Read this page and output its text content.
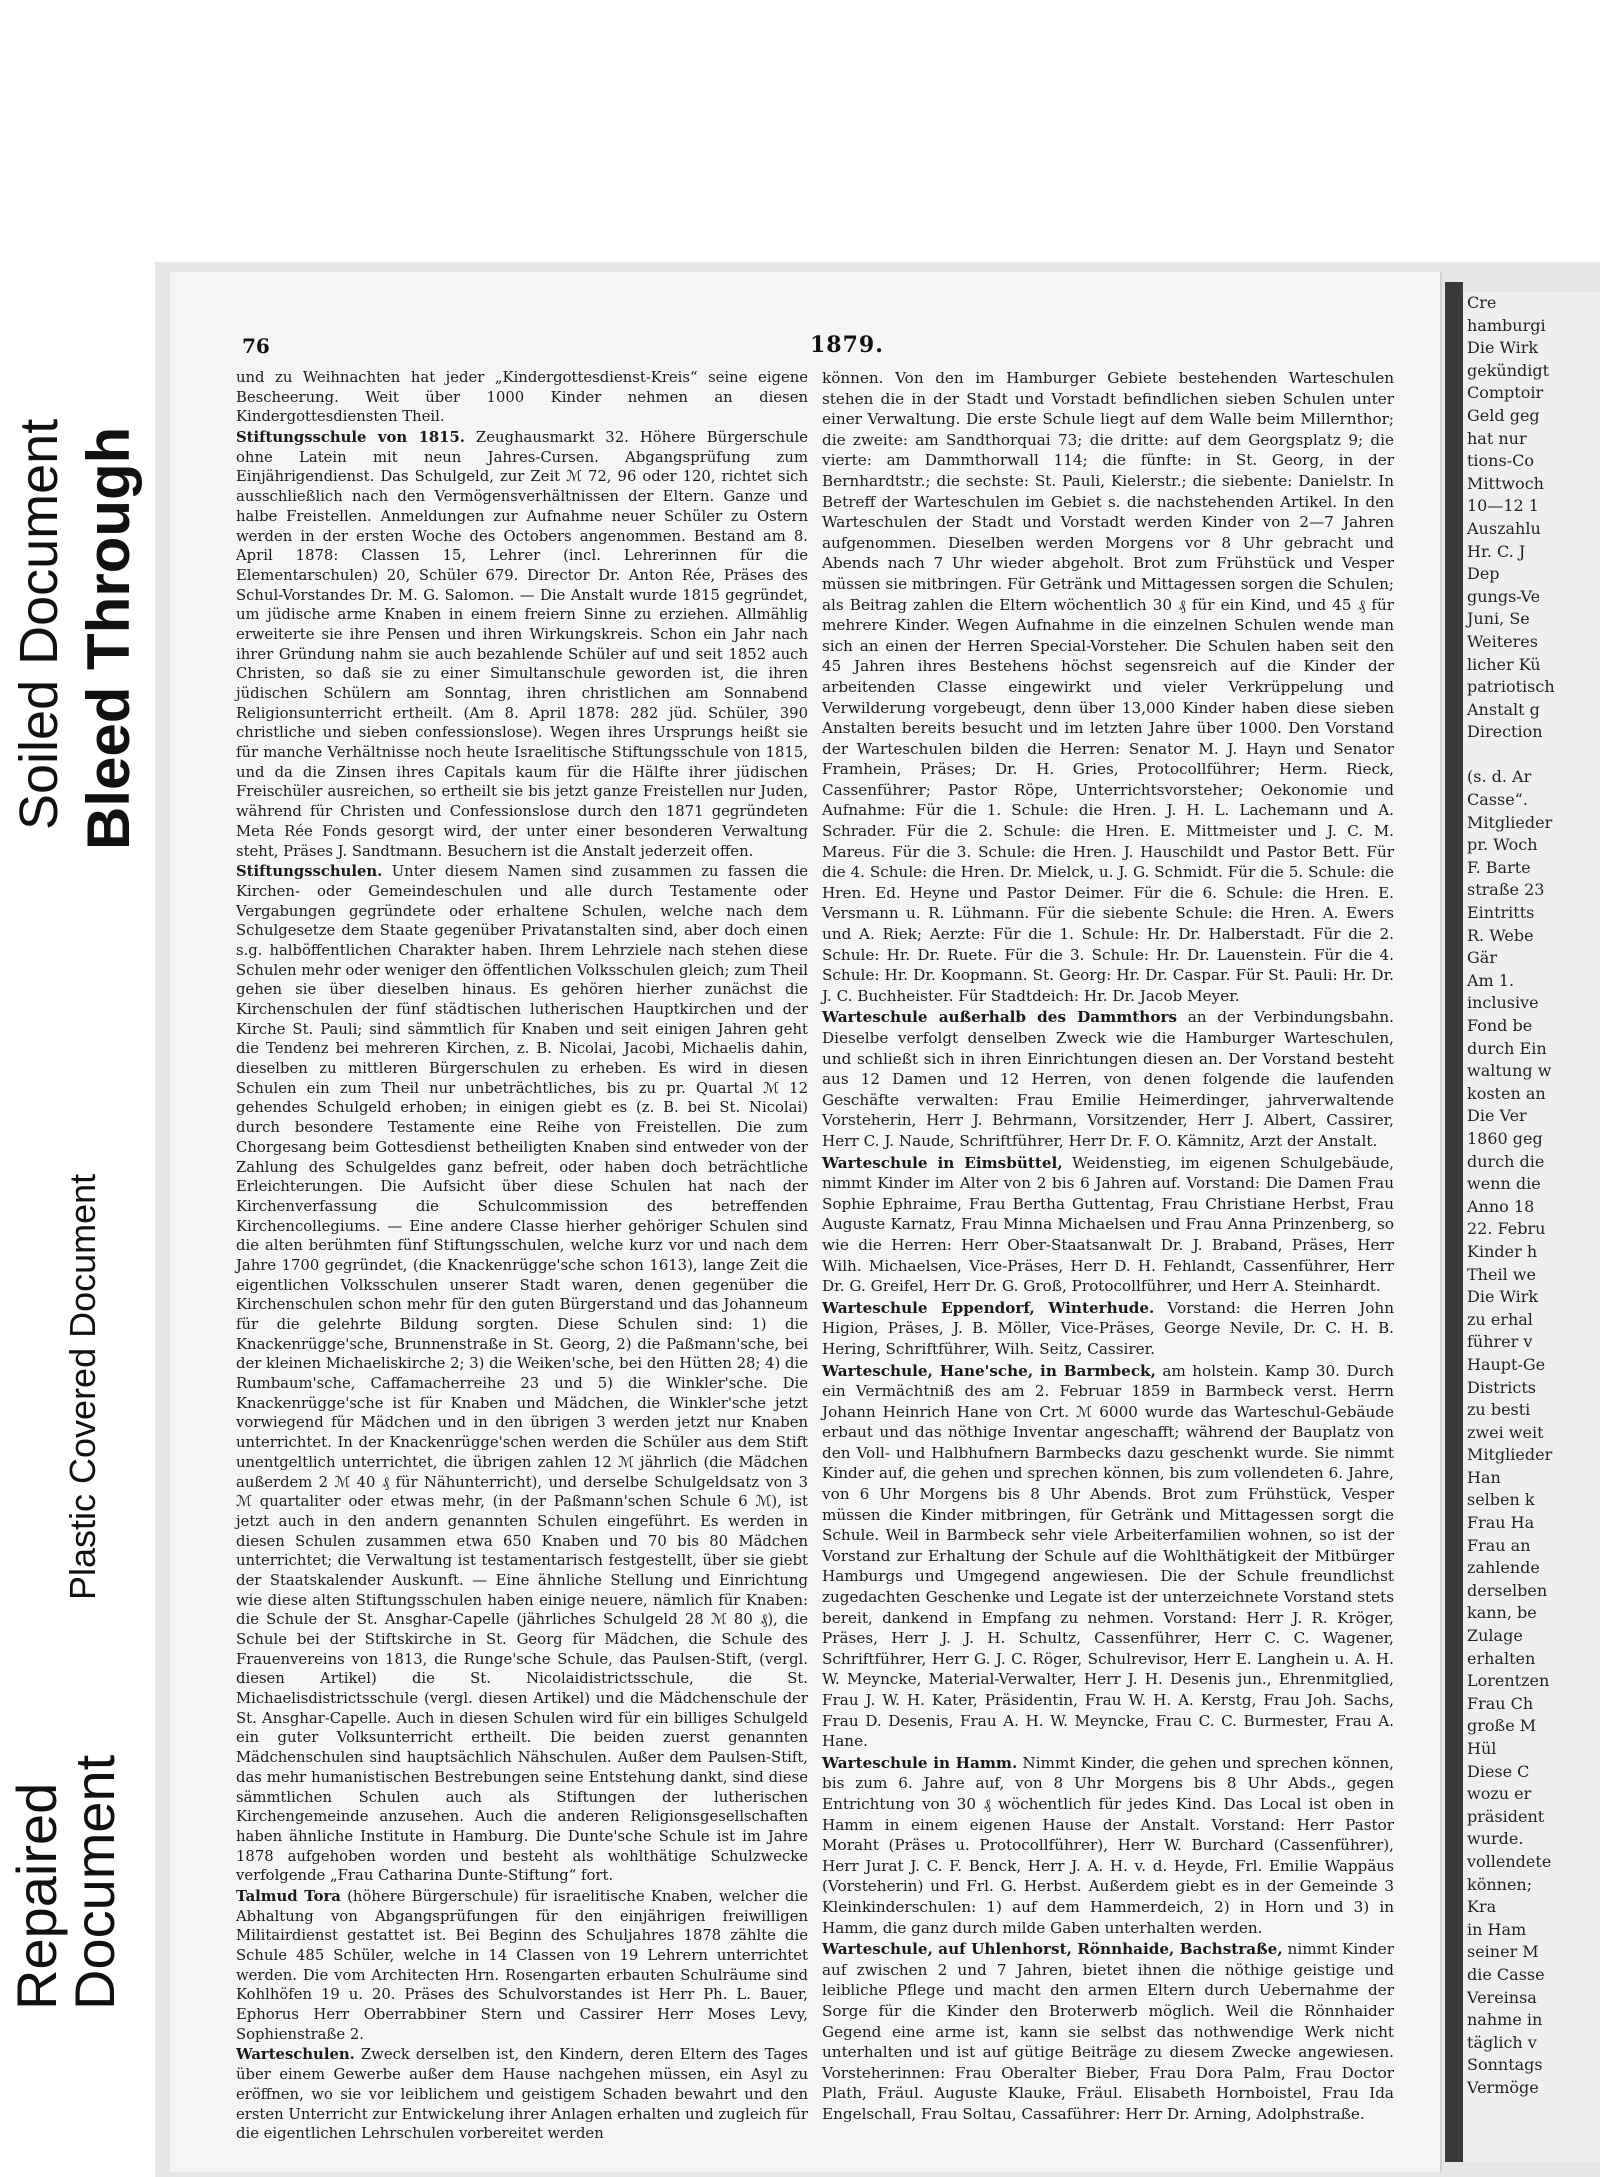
Soiled Document Bleed Through
Plastic Covered Document
Repaired
Document
76	1879.

und zu Weihnachten hat jeder „Kindergottesdienst-Kreis“ seine eigene Bescheerung. Weit über 1000 Kinder nehmen an diesen Kindergottesdiensten Theil.

Stiftungsschule von 1815. Zeughausmarkt 32. Höhere Bürgerschule ohne Latein mit neun Jahres-Cursen. Abgangsprüfung zum Einjährigendienst. Das Schulgeld, zur Zeit ℳ 72, 96 oder 120, richtet sich ausschließlich nach den Vermögensverhältnissen der Eltern. Ganze und halbe Freistellen. Anmeldungen zur Aufnahme neuer Schüler zu Ostern werden in der ersten Woche des Octobers angenommen. Bestand am 8. April 1878: Classen 15, Lehrer (incl. Lehrerinnen für die Elementarschulen) 20, Schüler 679. Director Dr. Anton Rée, Präses des Schul-Vorstandes Dr. M. G. Salomon. — Die Anstalt wurde 1815 gegründet, um jüdische arme Knaben in einem freiern Sinne zu erziehen. Allmählig erweiterte sie ihre Pensen und ihren Wirkungskreis. Schon ein Jahr nach ihrer Gründung nahm sie auch bezahlende Schüler auf und seit 1852 auch Christen, so daß sie zu einer Simultanschule geworden ist, die ihren jüdischen Schülern am Sonntag, ihren christlichen am Sonnabend Religionsunterricht ertheilt. (Am 8. April 1878: 282 jüd. Schüler, 390 christliche und sieben confessionslose). Wegen ihres Ursprungs heißt sie für manche Verhältnisse noch heute Israelitische Stiftungsschule von 1815, und da die Zinsen ihres Capitals kaum für die Hälfte ihrer jüdischen Freischüler ausreichen, so ertheilt sie bis jetzt ganze Freistellen nur Juden, während für Christen und Confessionslose durch den 1871 gegründeten Meta Rée Fonds gesorgt wird, der unter einer besonderen Verwaltung steht, Präses J. Sandtmann. Besuchern ist die Anstalt jederzeit offen.

Stiftungsschulen. Unter diesem Namen sind zusammen zu fassen die Kirchen- oder Gemeindeschulen und alle durch Testamente oder Vergabungen gegründete oder erhaltene Schulen, welche nach dem Schulgesetze dem Staate gegenüber Privatanstalten sind, aber doch einen s.g. halböffentlichen Charakter haben. Ihrem Lehrziele nach stehen diese Schulen mehr oder weniger den öffentlichen Volksschulen gleich; zum Theil gehen sie über dieselben hinaus. Es gehören hierher zunächst die Kirchenschulen der fünf städtischen lutherischen Hauptkirchen und der Kirche St. Pauli; sind sämmtlich für Knaben und seit einigen Jahren geht die Tendenz bei mehreren Kirchen, z. B. Nicolai, Jacobi, Michaelis dahin, dieselben zu mittleren Bürgerschulen zu erheben. Es wird in diesen Schulen ein zum Theil nur unbeträchtliches, bis zu pr. Quartal ℳ 12 gehendes Schulgeld erhoben; in einigen giebt es (z. B. bei St. Nicolai) durch besondere Testamente eine Reihe von Freistellen. Die zum Chorgesang beim Gottesdienst betheiligten Knaben sind entweder von der Zahlung des Schulgeldes ganz befreit, oder haben doch beträchtliche Erleichterungen. Die Aufsicht über diese Schulen hat nach der Kirchenverfassung die Schulcommission des betreffenden Kirchencollegiums. — Eine andere Classe hierher gehöriger Schulen sind die alten berühmten fünf Stiftungsschulen, welche kurz vor und nach dem Jahre 1700 gegründet, (die Knackenrügge'sche schon 1613), lange Zeit die eigentlichen Volksschulen unserer Stadt waren, denen gegenüber die Kirchenschulen schon mehr für den guten Bürgerstand und das Johanneum für die gelehrte Bildung sorgten. Diese Schulen sind: 1) die Knackenrügge'sche, Brunnenstraße in St. Georg, 2) die Paßmann'sche, bei der kleinen Michaeliskirche 2; 3) die Weiken'sche, bei den Hütten 28; 4) die Rumbaum'sche, Caffamacherreihe 23 und 5) die Winkler'sche. Die Knackenrügge'sche ist für Knaben und Mädchen, die Winkler'sche jetzt vorwiegend für Mädchen und in den übrigen 3 werden jetzt nur Knaben unterrichtet. In der Knackenrügge'schen werden die Schüler aus dem Stift unentgeltlich unterrichtet, die übrigen zahlen 12 ℳ jährlich (die Mädchen außerdem 2 ℳ 40 ₰ für Nähunterricht), und derselbe Schulgeldsatz von 3 ℳ quartaliter oder etwas mehr, (in der Paßmann'schen Schule 6 ℳ), ist jetzt auch in den andern genannten Schulen eingeführt. Es werden in diesen Schulen zusammen etwa 650 Knaben und 70 bis 80 Mädchen unterrichtet; die Verwaltung ist testamentarisch festgestellt, über sie giebt der Staatskalender Auskunft. — Eine ähnliche Stellung und Einrichtung wie diese alten Stiftungsschulen haben einige neuere, nämlich für Knaben: die Schule der St. Ansghar-Capelle (jährliches Schulgeld 28 ℳ 80 ₰), die Schule bei der Stiftskirche in St. Georg für Mädchen, die Schule des Frauenvereins von 1813, die Runge'sche Schule, das Paulsen-Stift, (vergl. diesen Artikel) die St. Nicolaidistrictsschule, die St. Michaelisdistrictsschule (vergl. diesen Artikel) und die Mädchenschule der St. Ansghar-Capelle. Auch in diesen Schulen wird für ein billiges Schulgeld ein guter Volksunterricht ertheilt. Die beiden zuerst genannten Mädchenschulen sind hauptsächlich Nähschulen. Außer dem Paulsen-Stift, das mehr humanistischen Bestrebungen seine Entstehung dankt, sind diese sämmtlichen Schulen auch als Stiftungen der lutherischen Kirchengemeinde anzusehen. Auch die anderen Religionsgesellschaften haben ähnliche Institute in Hamburg. Die Dunte'sche Schule ist im Jahre 1878 aufgehoben worden und besteht als wohlthätige Schulzwecke verfolgende „Frau Catharina Dunte-Stiftung“ fort.

Talmud Tora (höhere Bürgerschule) für israelitische Knaben, welcher die Abhaltung von Abgangsprüfungen für den einjährigen freiwilligen Militairdienst gestattet ist. Bei Beginn des Schuljahres 1878 zählte die Schule 485 Schüler, welche in 14 Classen von 19 Lehrern unterrichtet werden. Die vom Architecten Hrn. Rosengarten erbauten Schulräume sind Kohlhöfen 19 u. 20. Präses des Schulvorstandes ist Herr Ph. L. Bauer, Ephorus Herr Oberrabbiner Stern und Cassirer Herr Moses Levy, Sophienstraße 2.

Warteschulen. Zweck derselben ist, den Kindern, deren Eltern des Tages über einem Gewerbe außer dem Hause nachgehen müssen, ein Asyl zu eröffnen, wo sie vor leiblichem und geistigem Schaden bewahrt und den ersten Unterricht zur Entwickelung ihrer Anlagen erhalten und zugleich für die eigentlichen Lehrschulen vorbereitet werden

können. Von den im Hamburger Gebiete bestehenden Warteschulen stehen die in der Stadt und Vorstadt befindlichen sieben Schulen unter einer Verwaltung. Die erste Schule liegt auf dem Walle beim Millernthor; die zweite: am Sandthorquai 73; die dritte: auf dem Georgsplatz 9; die vierte: am Dammthorwall 114; die fünfte: in St. Georg, in der Bernhardtstr.; die sechste: St. Pauli, Kielerstr.; die siebente: Danielstr. In Betreff der Warteschulen im Gebiet s. die nachstehenden Artikel. In den Warteschulen der Stadt und Vorstadt werden Kinder von 2—7 Jahren aufgenommen. Dieselben werden Morgens vor 8 Uhr gebracht und Abends nach 7 Uhr wieder abgeholt. Brot zum Frühstück und Vesper müssen sie mitbringen. Für Getränk und Mittagessen sorgen die Schulen; als Beitrag zahlen die Eltern wöchentlich 30 ₰ für ein Kind, und 45 ₰ für mehrere Kinder. Wegen Aufnahme in die einzelnen Schulen wende man sich an einen der Herren Special-Vorsteher. Die Schulen haben seit den 45 Jahren ihres Bestehens höchst segensreich auf die Kinder der arbeitenden Classe eingewirkt und vieler Verkrüppelung und Verwilderung vorgebeugt, denn über 13,000 Kinder haben diese sieben Anstalten bereits besucht und im letzten Jahre über 1000. Den Vorstand der Warteschulen bilden die Herren: Senator M. J. Hayn und Senator Framhein, Präses; Dr. H. Gries, Protocollführer; Herm. Rieck, Cassenführer; Pastor Röpe, Unterrichtsvorsteher; Oekonomie und Aufnahme: Für die 1. Schule: die Hren. J. H. L. Lachemann und A. Schrader. Für die 2. Schule: die Hren. E. Mittmeister und J. C. M. Mareus. Für die 3. Schule: die Hren. J. Hauschildt und Pastor Bett. Für die 4. Schule: die Hren. Dr. Mielck, u. J. G. Schmidt. Für die 5. Schule: die Hren. Ed. Heyne und Pastor Deimer. Für die 6. Schule: die Hren. E. Versmann u. R. Lühmann. Für die siebente Schule: die Hren. A. Ewers und A. Riek; Aerzte: Für die 1. Schule: Hr. Dr. Halberstadt. Für die 2. Schule: Hr. Dr. Ruete. Für die 3. Schule: Hr. Dr. Lauenstein. Für die 4. Schule: Hr. Dr. Koopmann. St. Georg: Hr. Dr. Caspar. Für St. Pauli: Hr. Dr. J. C. Buchheister. Für Stadtdeich: Hr. Dr. Jacob Meyer.

Warteschule außerhalb des Dammthors an der Verbindungsbahn. Dieselbe verfolgt denselben Zweck wie die Hamburger Warteschulen, und schließt sich in ihren Einrichtungen diesen an. Der Vorstand besteht aus 12 Damen und 12 Herren, von denen folgende die laufenden Geschäfte verwalten: Frau Emilie Heimerdinger, jahrverwaltende Vorsteherin, Herr J. Behrmann, Vorsitzender, Herr J. Albert, Cassirer, Herr C. J. Naude, Schriftführer, Herr Dr. F. O. Kämnitz, Arzt der Anstalt.

Warteschule in Eimsbüttel, Weidenstieg, im eigenen Schulgebäude, nimmt Kinder im Alter von 2 bis 6 Jahren auf. Vorstand: Die Damen Frau Sophie Ephraime, Frau Bertha Guttentag, Frau Christiane Herbst, Frau Auguste Karnatz, Frau Minna Michaelsen und Frau Anna Prinzenberg, so wie die Herren: Herr Ober-Staatsanwalt Dr. J. Braband, Präses, Herr Wilh. Michaelsen, Vice-Präses, Herr D. H. Fehlandt, Cassenführer, Herr Dr. G. Greifel, Herr Dr. G. Groß, Protocollführer, und Herr A. Steinhardt.

Warteschule Eppendorf, Winterhude. Vorstand: die Herren John Higion, Präses, J. B. Möller, Vice-Präses, George Nevile, Dr. C. H. B. Hering, Schriftführer, Wilh. Seitz, Cassirer.

Warteschule, Hane'sche, in Barmbeck, am holstein. Kamp 30. Durch ein Vermächtniß des am 2. Februar 1859 in Barmbeck verst. Herrn Johann Heinrich Hane von Crt. ℳ 6000 wurde das Warteschul-Gebäude erbaut und das nöthige Inventar angeschafft; während der Bauplatz von den Voll- und Halbhufnern Barmbecks dazu geschenkt wurde. Sie nimmt Kinder auf, die gehen und sprechen können, bis zum vollendeten 6. Jahre, von 6 Uhr Morgens bis 8 Uhr Abends. Brot zum Frühstück, Vesper müssen die Kinder mitbringen, für Getränk und Mittagessen sorgt die Schule. Weil in Barmbeck sehr viele Arbeiterfamilien wohnen, so ist der Vorstand zur Erhaltung der Schule auf die Wohlthätigkeit der Mitbürger Hamburgs und Umgegend angewiesen. Die der Schule freundlichst zugedachten Geschenke und Legate ist der unterzeichnete Vorstand stets bereit, dankend in Empfang zu nehmen. Vorstand: Herr J. R. Kröger, Präses, Herr J. J. H. Schultz, Cassenführer, Herr C. C. Wagener, Schriftführer, Herr G. J. C. Röger, Schulrevisor, Herr E. Langhein u. A. H. W. Meyncke, Material-Verwalter, Herr J. H. Desenis jun., Ehrenmitglied, Frau J. W. H. Kater, Präsidentin, Frau W. H. A. Kerstg, Frau Joh. Sachs, Frau D. Desenis, Frau A. H. W. Meyncke, Frau C. C. Burmester, Frau A. Hane.

Warteschule in Hamm. Nimmt Kinder, die gehen und sprechen können, bis zum 6. Jahre auf, von 8 Uhr Morgens bis 8 Uhr Abds., gegen Entrichtung von 30 ₰ wöchentlich für jedes Kind. Das Local ist oben in Hamm in einem eigenen Hause der Anstalt. Vorstand: Herr Pastor Moraht (Präses u. Protocollführer), Herr W. Burchard (Cassenführer), Herr Jurat J. C. F. Benck, Herr J. A. H. v. d. Heyde, Frl. Emilie Wappäus (Vorsteherin) und Frl. G. Herbst. Außerdem giebt es in der Gemeinde 3 Kleinkinderschulen: 1) auf dem Hammerdeich, 2) in Horn und 3) in Hamm, die ganz durch milde Gaben unterhalten werden.

Warteschule, auf Uhlenhorst, Rönnhaide, Bachstraße, nimmt Kinder auf zwischen 2 und 7 Jahren, bietet ihnen die nöthige geistige und leibliche Pflege und macht den armen Eltern durch Uebernahme der Sorge für die Kinder den Broterwerb möglich. Weil die Rönnhaider Gegend eine arme ist, kann sie selbst das nothwendige Werk nicht unterhalten und ist auf gütige Beiträge zu diesem Zwecke angewiesen. Vorsteherinnen: Frau Oberalter Bieber, Frau Dora Palm, Frau Doctor Plath, Fräul. Auguste Klauke, Fräul. Elisabeth Hornboistel, Frau Ida Engelschall, Frau Soltau, Cassaführer: Herr Dr. Arning, Adolphstraße.

Cre
hamburgi
Die Wirk
gekündigt
Comptoir
Geld geg
hat nur
tions-Co
Mittwoch
10—12 1
Auszahlu
Hr. C. J
Dep
gungs-Ve
Juni, Se
Weiteres
licher Kü
patriotisch
Anstalt g
Direction

(s. d. Ar
Casse“.
Mitglieder
pr. Woch
F. Barte
straße 23
Eintritts
R. Webe
Gär
Am 1.
inclusive
Fond be
durch Ein
waltung w
kosten an
Die Ver
1860 geg
durch die
wenn die
Anno 18
22. Febru
Kinder h
Theil we
Die Wirk
zu erhal
führer v
Haupt-Ge
Districts
zu besti
zwei weit
Mitglieder
Han
selben k
Frau Ha
Frau an
zahlende
derselben
kann, be
Zulage
erhalten
Lorentzen
Frau Ch
große M
Hül
Diese C
wozu er
präsident
wurde.
vollendete
können;
Kra
in Ham
seiner M
die Casse
Vereinsa
nahme in
täglich v
Sonntags
Vermöge
